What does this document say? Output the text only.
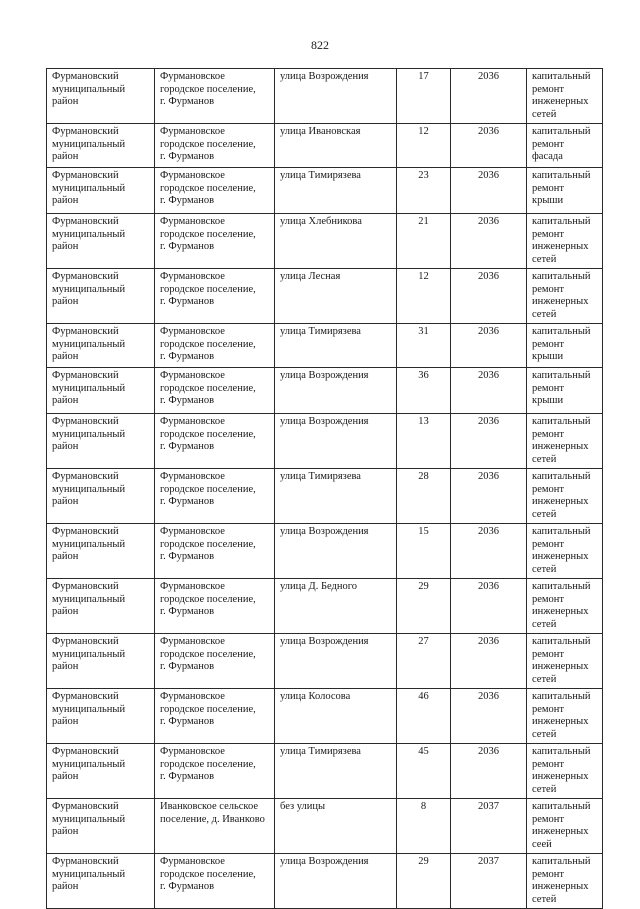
822
Фурмановский
муниципальный
район	Фурмановское
городское поселение,
г. Фурманов	улица Возрождения	17	2036	капитальный
ремонт
инженерных
сетей

Фурмановский
муниципальный
район	Фурмановское
городское поселение,
г. Фурманов	улица Ивановская	12	2036	капитальный
ремонт фасада

Фурмановский
муниципальный
район	Фурмановское
городское поселение,
г. Фурманов	улица Тимирязева	23	2036	капитальный
ремонт крыши

Фурмановский
муниципальный
район	Фурмановское
городское поселение,
г. Фурманов	улица Хлебникова	21	2036	капитальный
ремонт
инженерных
сетей

Фурмановский
муниципальный
район	Фурмановское
городское поселение,
г. Фурманов	улица Лесная	12	2036	капитальный
ремонт
инженерных
сетей

Фурмановский
муниципальный
район	Фурмановское
городское поселение,
г. Фурманов	улица Тимирязева	31	2036	капитальный
ремонт крыши

Фурмановский
муниципальный
район	Фурмановское
городское поселение,
г. Фурманов	улица Возрождения	36	2036	капитальный
ремонт крыши

Фурмановский
муниципальный
район	Фурмановское
городское поселение,
г. Фурманов	улица Возрождения	13	2036	капитальный
ремонт
инженерных
сетей

Фурмановский
муниципальный
район	Фурмановское
городское поселение,
г. Фурманов	улица Тимирязева	28	2036	капитальный
ремонт
инженерных
сетей

Фурмановский
муниципальный
район	Фурмановское
городское поселение,
г. Фурманов	улица Возрождения	15	2036	капитальный
ремонт
инженерных
сетей

Фурмановский
муниципальный
район	Фурмановское
городское поселение,
г. Фурманов	улица Д. Бедного	29	2036	капитальный
ремонт
инженерных
сетей

Фурмановский
муниципальный
район	Фурмановское
городское поселение,
г. Фурманов	улица Возрождения	27	2036	капитальный
ремонт
инженерных
сетей

Фурмановский
муниципальный
район	Фурмановское
городское поселение,
г. Фурманов	улица Колосова	46	2036	капитальный
ремонт
инженерных
сетей

Фурмановский
муниципальный
район	Фурмановское
городское поселение,
г. Фурманов	улица Тимирязева	45	2036	капитальный
ремонт
инженерных
сетей

Фурмановский
муниципальный
район	Иванковское сельское
поселение, д. Иванково	без улицы	8	2037	капитальный
ремонт
инженерных
сеей

Фурмановский
муниципальный
район	Фурмановское
городское поселение,
г. Фурманов	улица Возрождения	29	2037	капитальный
ремонт
инженерных
сетей
